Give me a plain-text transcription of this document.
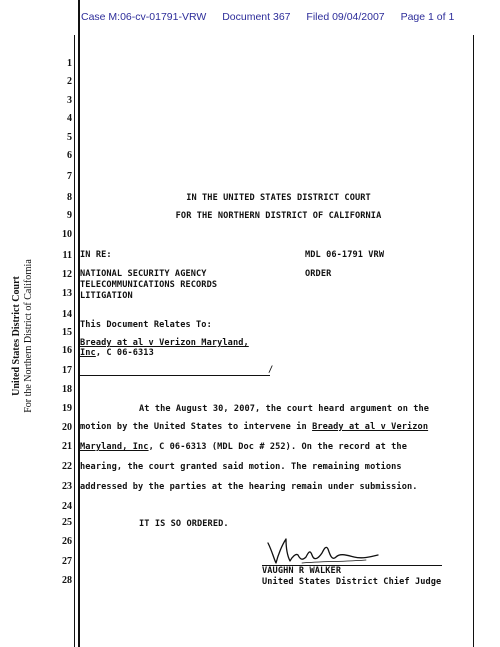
Case M:06-cv-01791-VRW Document 367 Filed 09/04/2007 Page 1 of 1
1
2
3
4
5
6
7
8
9
10
11
12
13
14
15
16
17
18
19
20
21
22
23
24
25
26
27
28
United States District Court For the Northern District of California
IN THE UNITED STATES DISTRICT COURT
FOR THE NORTHERN DISTRICT OF CALIFORNIA
IN RE:	MDL 06-1791 VRW
NATIONAL SECURITY AGENCY	ORDER
TELECOMMUNICATIONS RECORDS
LITIGATION
This Document Relates To:
Bready at al v Verizon Maryland,
Inc, C 06-6313
/
At the August 30, 2007, the court heard argument on the
motion by the United States to intervene in Bready at al v Verizon
Maryland, Inc, C 06-6313 (MDL Doc # 252). On the record at the
hearing, the court granted said motion. The remaining motions
addressed by the parties at the hearing remain under submission.
IT IS SO ORDERED.
VAUGHN R WALKER
United States District Chief Judge
